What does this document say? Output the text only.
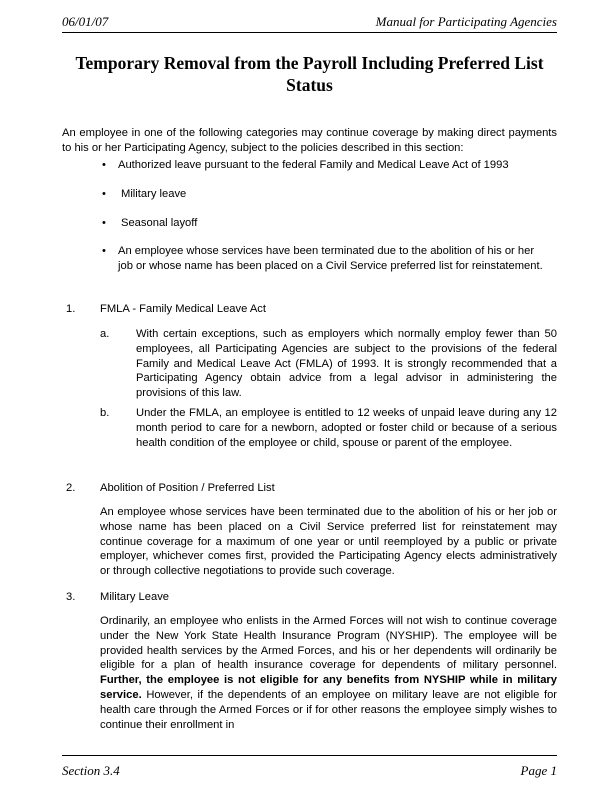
06/01/07	Manual for Participating Agencies
Temporary Removal from the Payroll Including Preferred List Status

An employee in one of the following categories may continue coverage by making direct payments to his or her Participating Agency, subject to the policies described in this section:

• Authorized leave pursuant to the federal Family and Medical Leave Act of 1993
• Military leave
• Seasonal layoff
• An employee whose services have been terminated due to the abolition of his or her job or whose name has been placed on a Civil Service preferred list for reinstatement.
1. FMLA - Family Medical Leave Act
a. With certain exceptions, such as employers which normally employ fewer than 50 employees, all Participating Agencies are subject to the provisions of the federal Family and Medical Leave Act (FMLA) of 1993. It is strongly recommended that a Participating Agency obtain advice from a legal advisor in administering the provisions of this law.

b. Under the FMLA, an employee is entitled to 12 weeks of unpaid leave during any 12 month period to care for a newborn, adopted or foster child or because of a serious health condition of the employee or child, spouse or parent of the employee.

2. Abolition of Position / Preferred List

An employee whose services have been terminated due to the abolition of his or her job or whose name has been placed on a Civil Service preferred list for reinstatement may continue coverage for a maximum of one year or until reemployed by a public or private employer, whichever comes first, provided the Participating Agency elects administratively or through collective negotiations to provide such coverage.

3. Military Leave

Ordinarily, an employee who enlists in the Armed Forces will not wish to continue coverage under the New York State Health Insurance Program (NYSHIP). The employee will be provided health services by the Armed Forces, and his or her dependents will ordinarily be eligible for a plan of health insurance coverage for dependents of military personnel. Further, the employee is not eligible for any benefits from NYSHIP while in military service. However, if the dependents of an employee on military leave are not eligible for health care through the Armed Forces or if for other reasons the employee simply wishes to continue their enrollment in

Section 3.4	Page 1
